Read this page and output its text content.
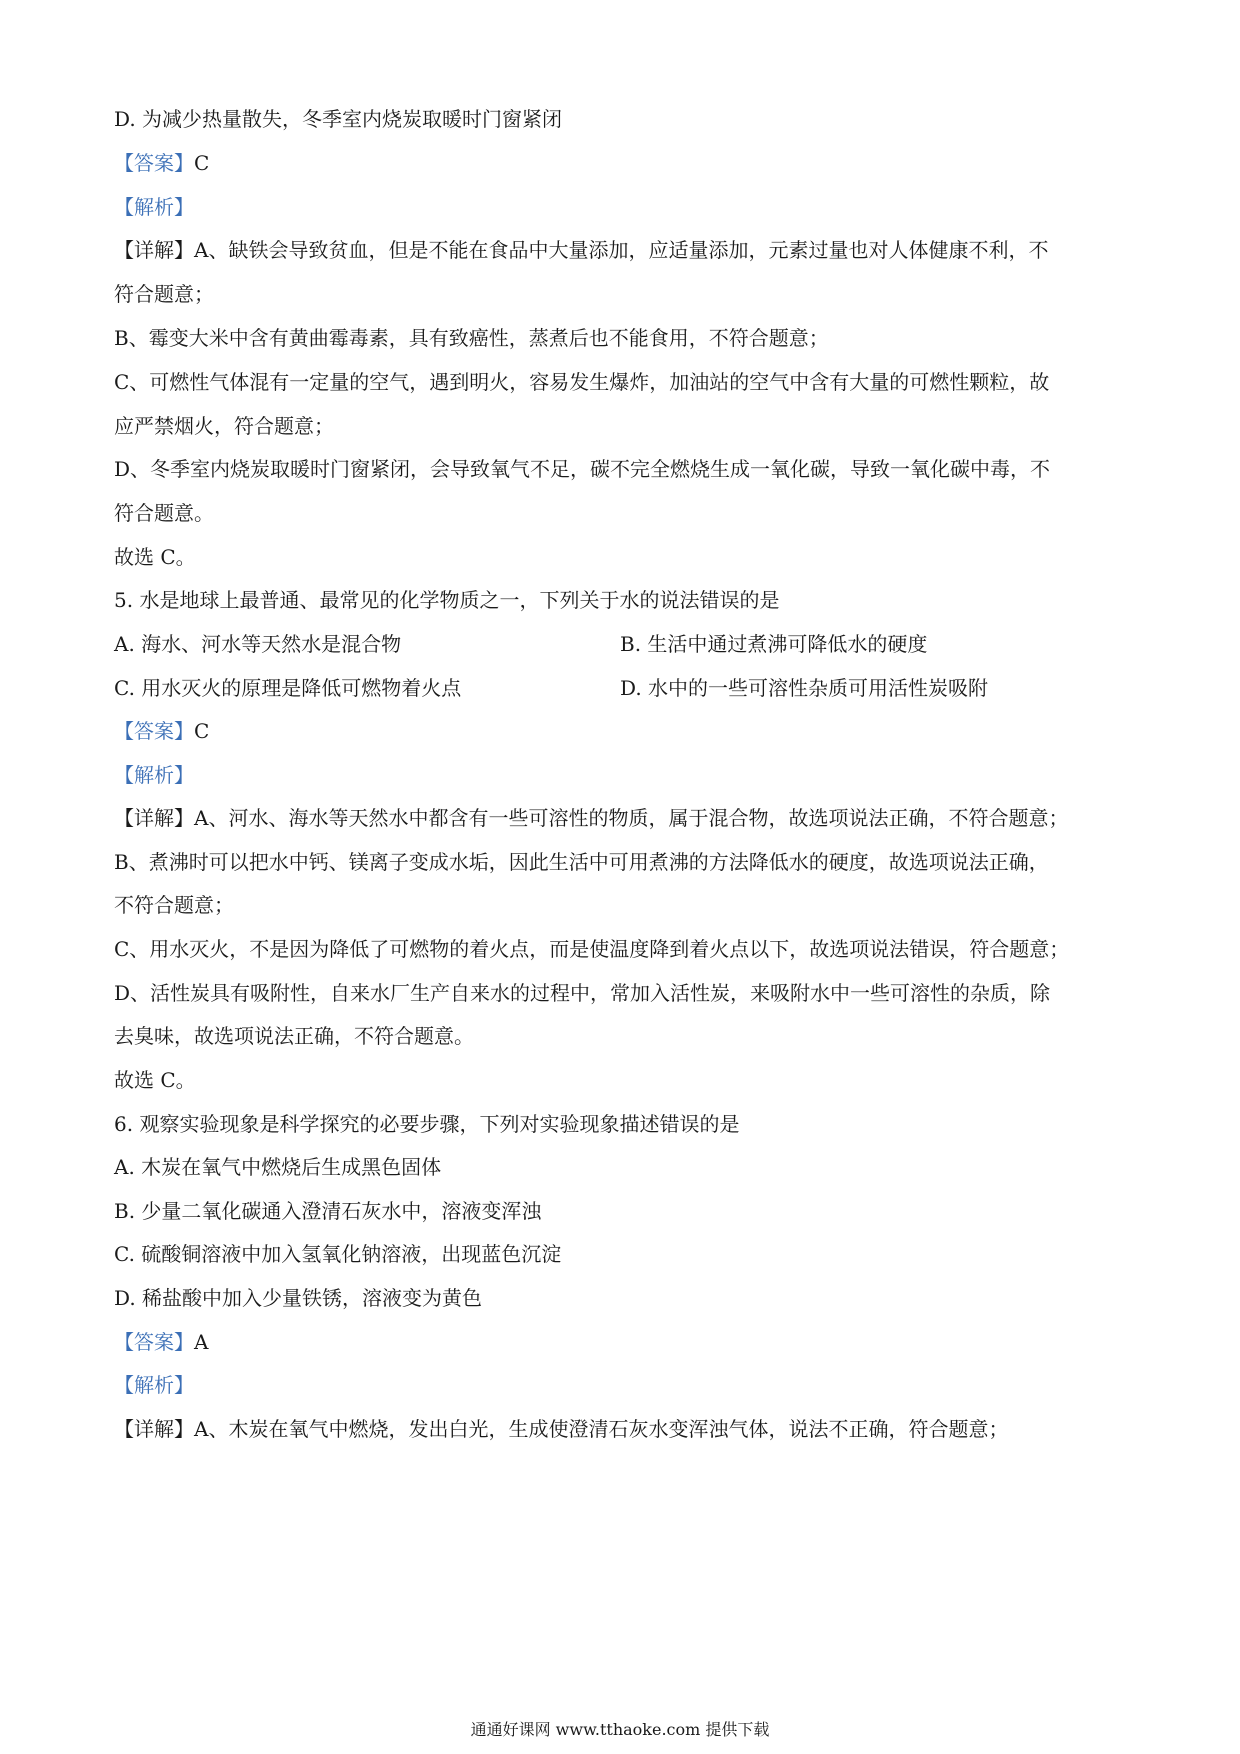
D. 为减少热量散失，冬季室内烧炭取暖时门窗紧闭
【答案】C
【解析】
【详解】A、缺铁会导致贫血，但是不能在食品中大量添加，应适量添加，元素过量也对人体健康不利，不
符合题意；
B、霉变大米中含有黄曲霉毒素，具有致癌性，蒸煮后也不能食用，不符合题意；
C、可燃性气体混有一定量的空气，遇到明火，容易发生爆炸，加油站的空气中含有大量的可燃性颗粒，故
应严禁烟火，符合题意；
D、冬季室内烧炭取暖时门窗紧闭，会导致氧气不足，碳不完全燃烧生成一氧化碳，导致一氧化碳中毒，不
符合题意。
故选 C。
5. 水是地球上最普通、最常见的化学物质之一，下列关于水的说法错误的是
A. 海水、河水等天然水是混合物	B. 生活中通过煮沸可降低水的硬度
C. 用水灭火的原理是降低可燃物着火点	D. 水中的一些可溶性杂质可用活性炭吸附
【答案】C
【解析】
【详解】A、河水、海水等天然水中都含有一些可溶性的物质，属于混合物，故选项说法正确，不符合题意；
B、煮沸时可以把水中钙、镁离子变成水垢，因此生活中可用煮沸的方法降低水的硬度，故选项说法正确，
不符合题意；
C、用水灭火，不是因为降低了可燃物的着火点，而是使温度降到着火点以下，故选项说法错误，符合题意；
D、活性炭具有吸附性，自来水厂生产自来水的过程中，常加入活性炭，来吸附水中一些可溶性的杂质，除
去臭味，故选项说法正确，不符合题意。
故选 C。
6. 观察实验现象是科学探究的必要步骤，下列对实验现象描述错误的是
A. 木炭在氧气中燃烧后生成黑色固体
B. 少量二氧化碳通入澄清石灰水中，溶液变浑浊
C. 硫酸铜溶液中加入氢氧化钠溶液，出现蓝色沉淀
D. 稀盐酸中加入少量铁锈，溶液变为黄色
【答案】A
【解析】
【详解】A、木炭在氧气中燃烧，发出白光，生成使澄清石灰水变浑浊气体，说法不正确，符合题意；
通通好课网 www.tthaoke.com 提供下载
